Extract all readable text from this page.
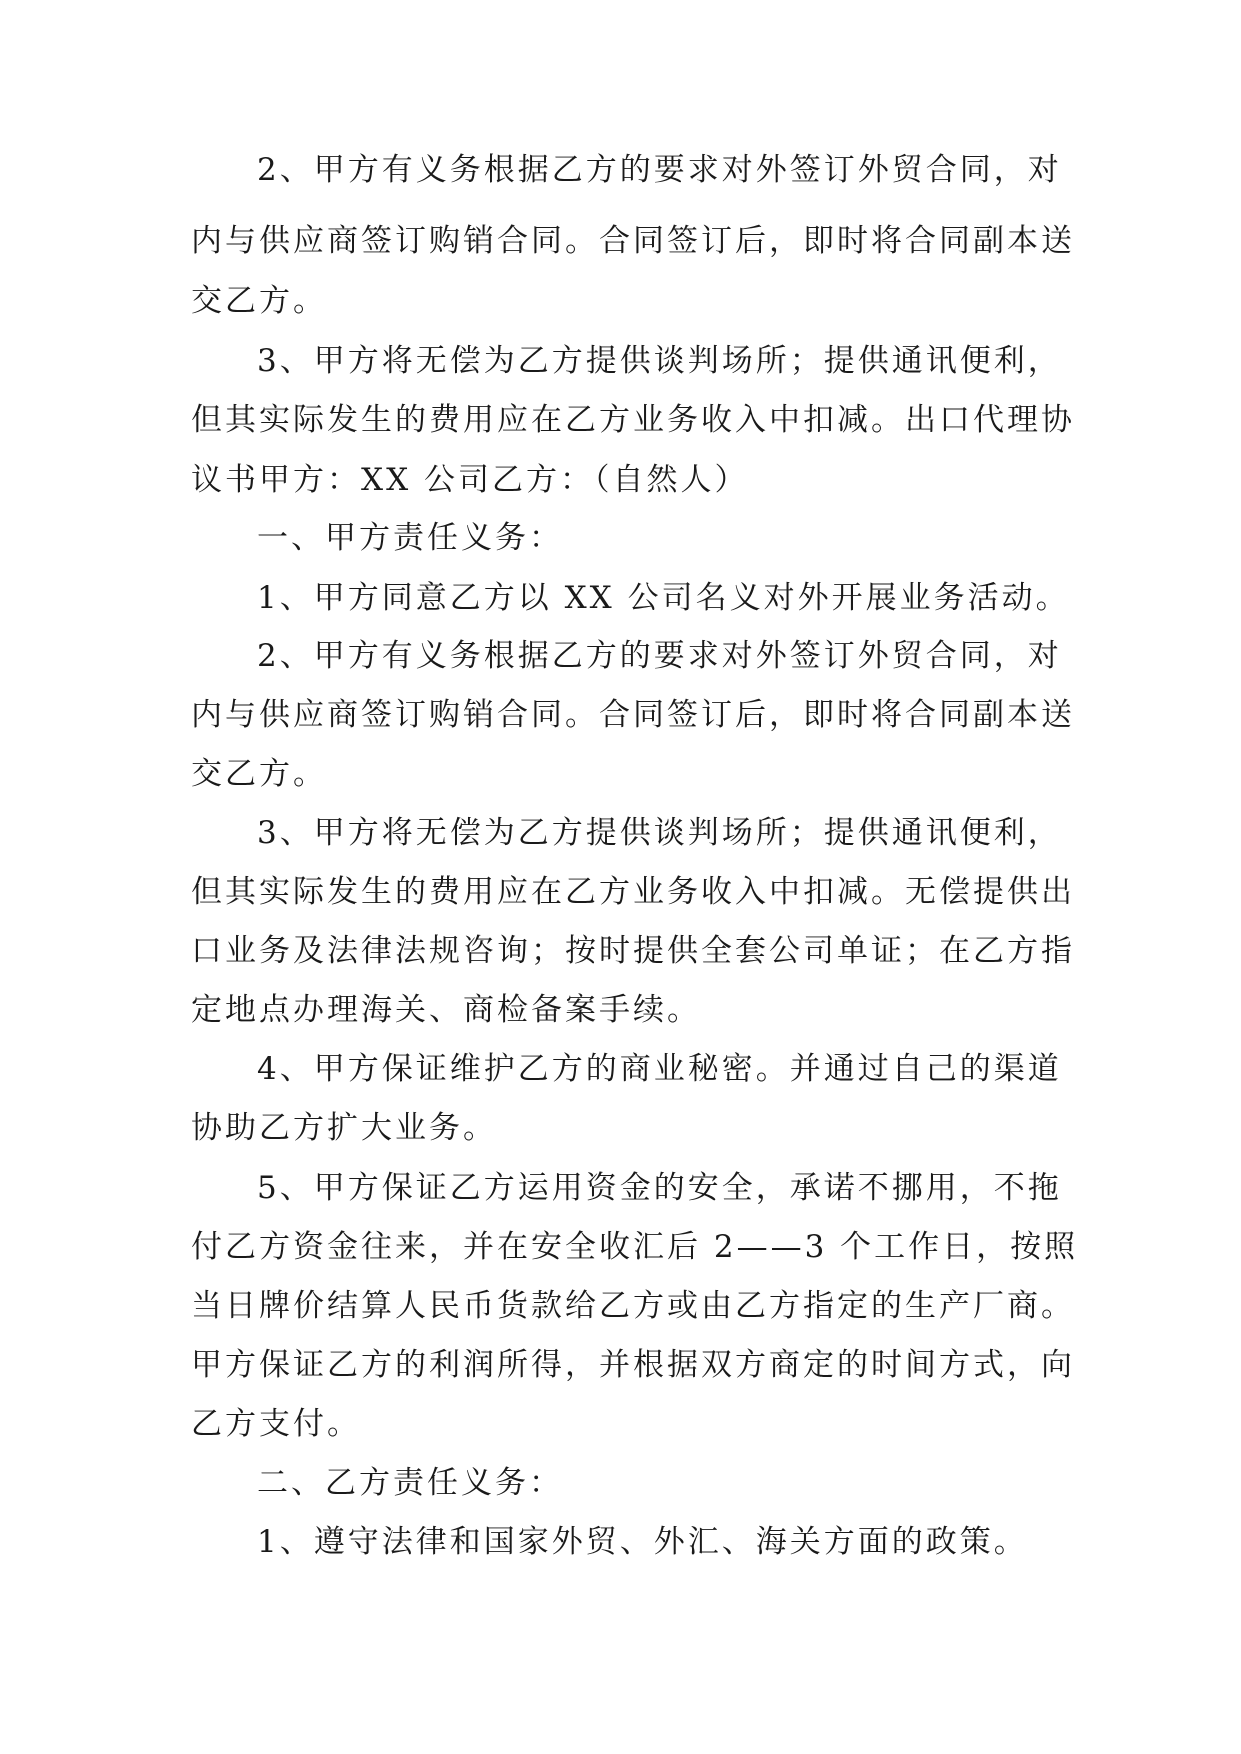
2、甲方有义务根据乙方的要求对外签订外贸合同，对
内与供应商签订购销合同。合同签订后，即时将合同副本送
交乙方。
3、甲方将无偿为乙方提供谈判场所；提供通讯便利，
但其实际发生的费用应在乙方业务收入中扣减。出口代理协
议书甲方：XX 公司乙方：（自然人）
一、甲方责任义务：
1、甲方同意乙方以 XX 公司名义对外开展业务活动。
2、甲方有义务根据乙方的要求对外签订外贸合同，对
内与供应商签订购销合同。合同签订后，即时将合同副本送
交乙方。
3、甲方将无偿为乙方提供谈判场所；提供通讯便利，
但其实际发生的费用应在乙方业务收入中扣减。无偿提供出
口业务及法律法规咨询；按时提供全套公司单证；在乙方指
定地点办理海关、商检备案手续。
4、甲方保证维护乙方的商业秘密。并通过自己的渠道
协助乙方扩大业务。
5、甲方保证乙方运用资金的安全，承诺不挪用，不拖
付乙方资金往来，并在安全收汇后 2——3 个工作日，按照
当日牌价结算人民币货款给乙方或由乙方指定的生产厂商。
甲方保证乙方的利润所得，并根据双方商定的时间方式，向
乙方支付。
二、乙方责任义务：
1、遵守法律和国家外贸、外汇、海关方面的政策。
